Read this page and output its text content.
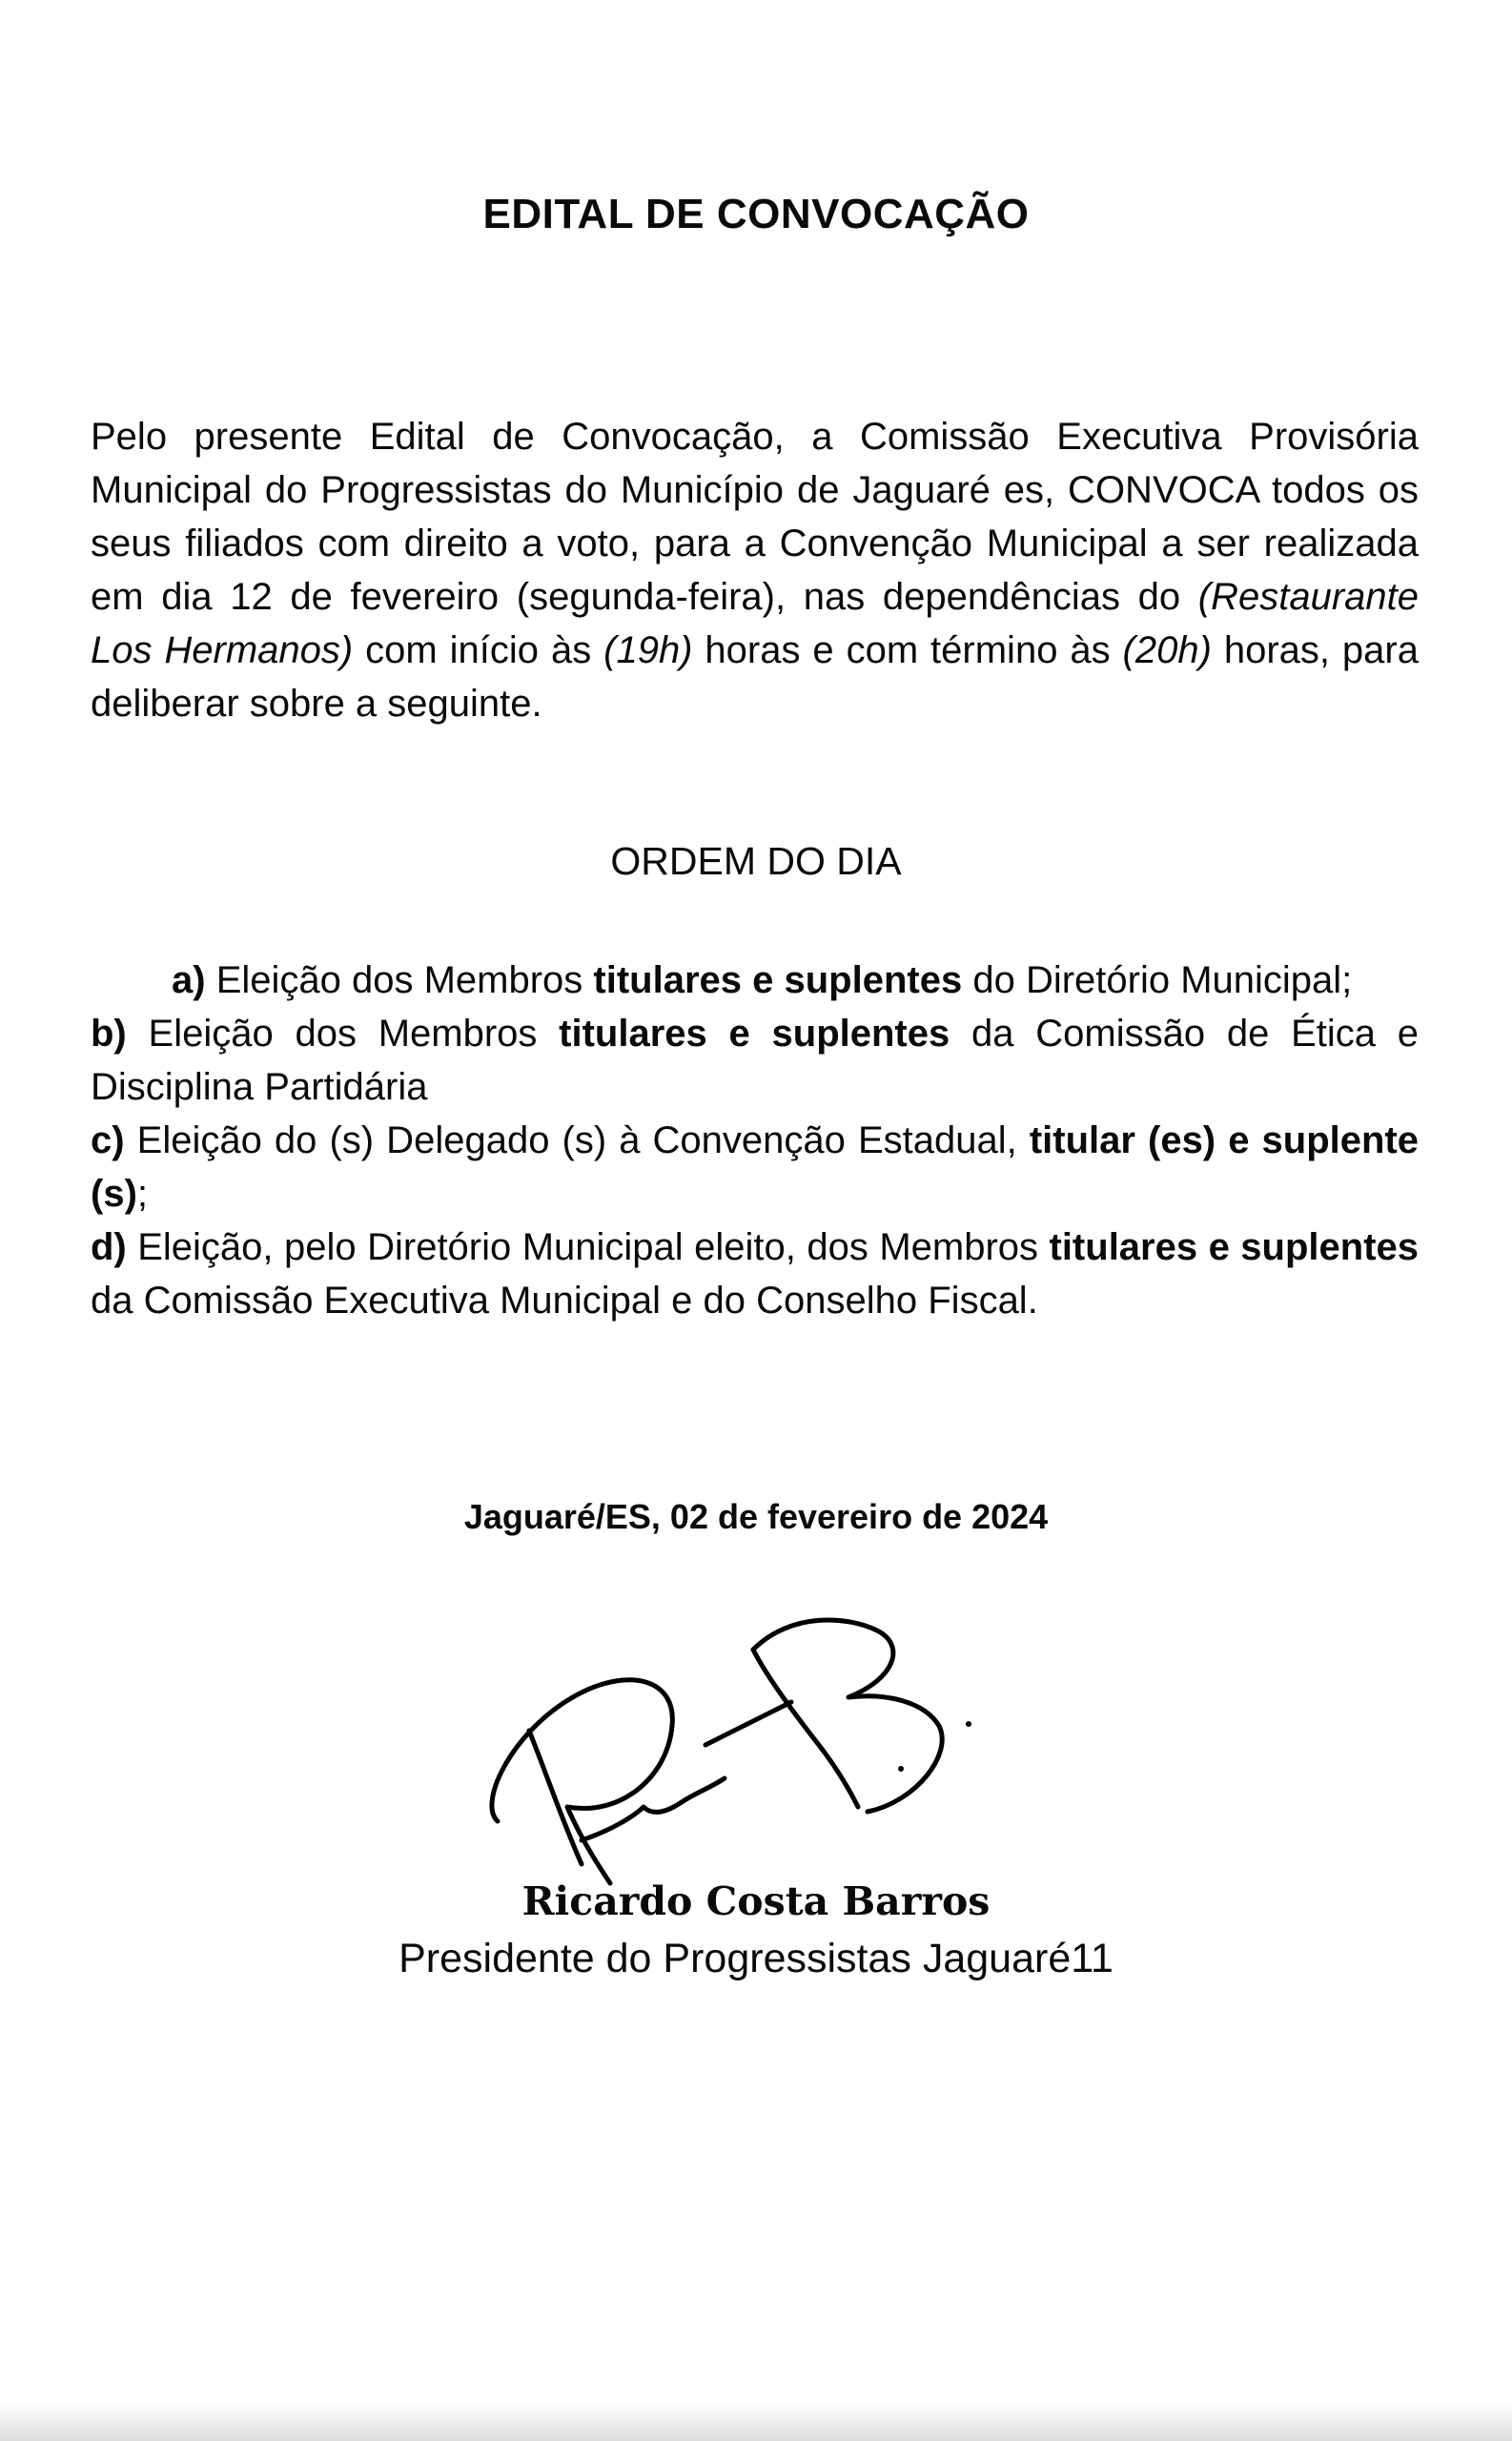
EDITAL DE CONVOCAÇÃO

Pelo presente Edital de Convocação, a Comissão Executiva Provisória Municipal do Progressistas do Município de Jaguaré es, CONVOCA todos os seus filiados com direito a voto, para a Convenção Municipal a ser realizada em dia 12 de fevereiro (segunda-feira), nas dependências do (Restaurante Los Hermanos) com início às (19h) horas e com término às (20h) horas, para deliberar sobre a seguinte.

ORDEM DO DIA

a) Eleição dos Membros titulares e suplentes do Diretório Municipal;

b) Eleição dos Membros titulares e suplentes da Comissão de Ética e Disciplina Partidária

c) Eleição do (s) Delegado (s) à Convenção Estadual, titular (es) e suplente (s);

d) Eleição, pelo Diretório Municipal eleito, dos Membros titulares e suplentes da Comissão Executiva Municipal e do Conselho Fiscal.

Jaguaré/ES, 02 de fevereiro de 2024
Ricardo Costa Barros
Presidente do Progressistas Jaguaré11
